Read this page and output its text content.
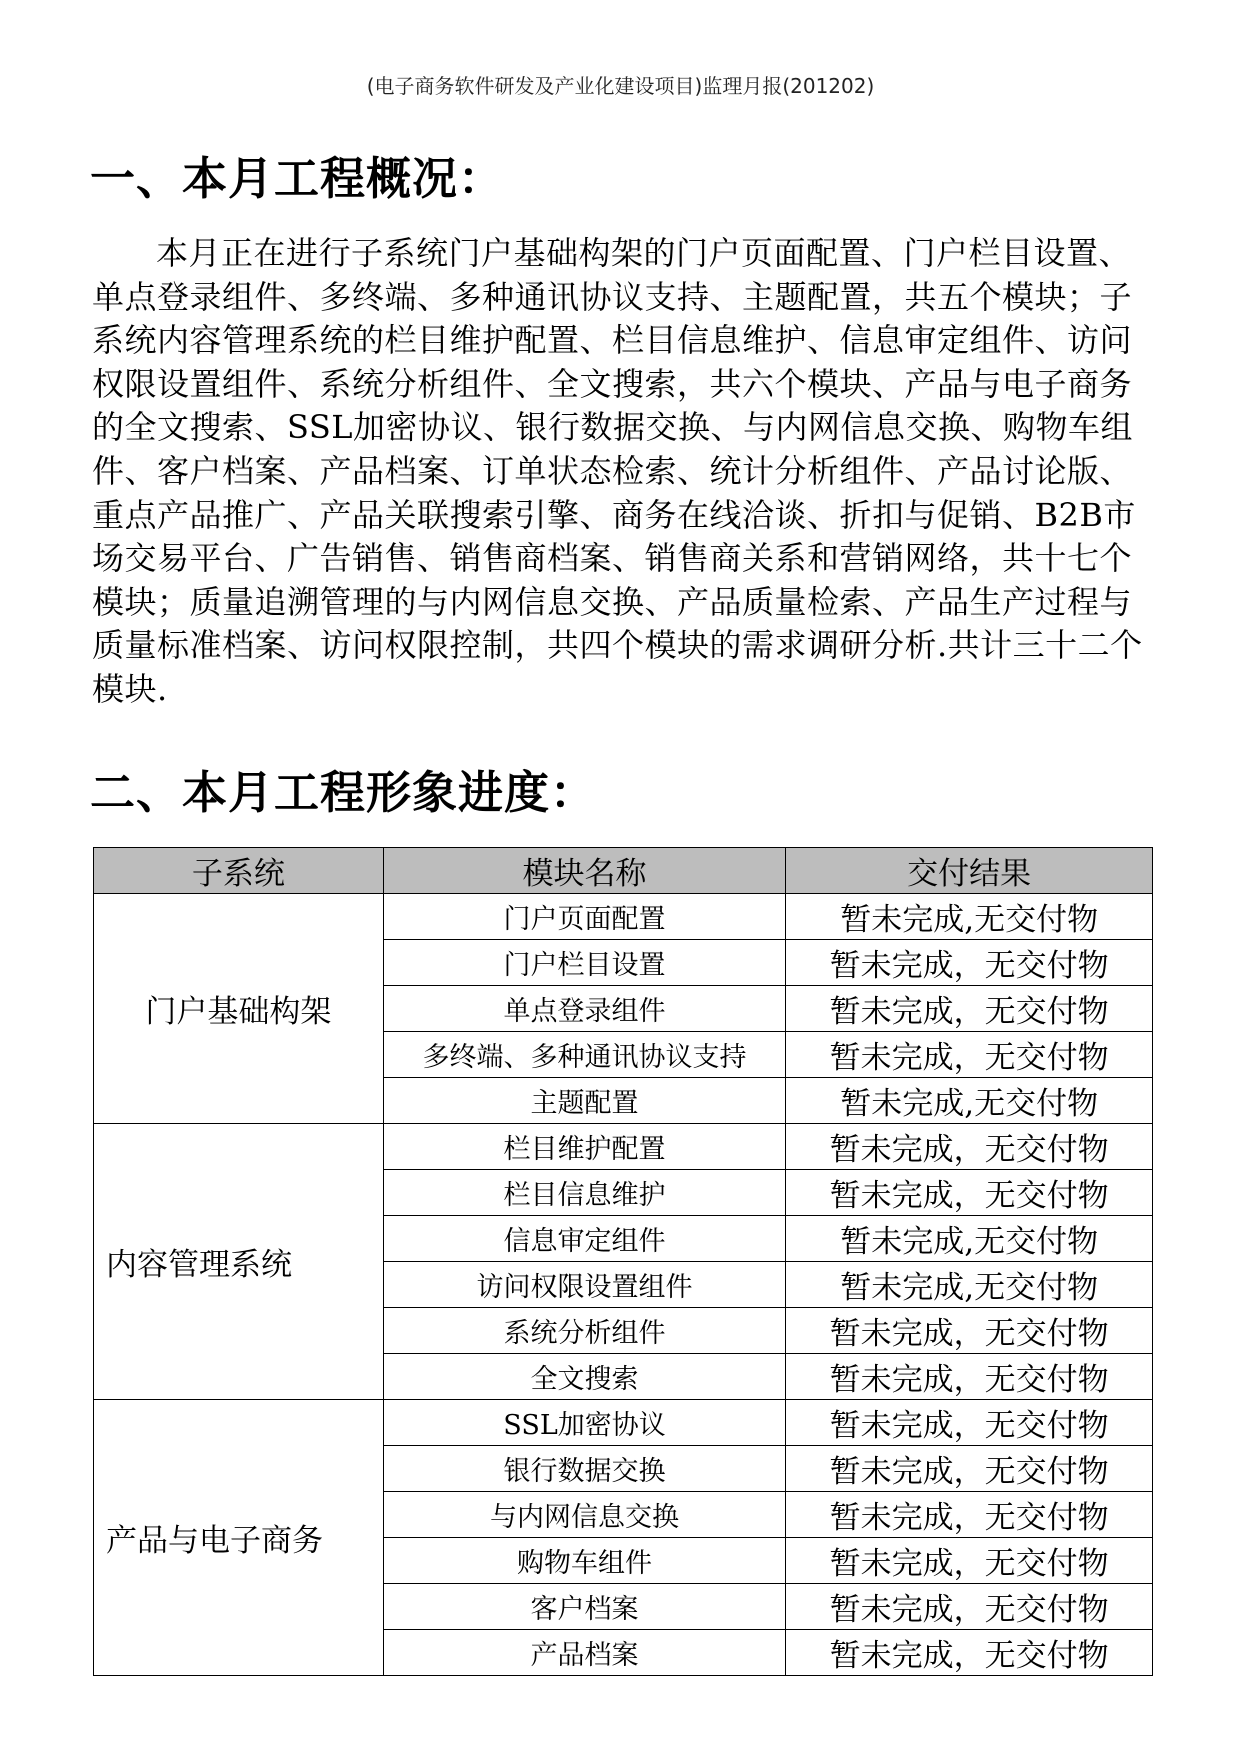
(电子商务软件研发及产业化建设项目)监理月报(201202)
一、本月工程概况：
本月正在进行子系统门户基础构架的门户页面配置、门户栏目设置、单点登录组件、多终端、多种通讯协议支持、主题配置，共五个模块；子系统内容管理系统的栏目维护配置、栏目信息维护、信息审定组件、访问权限设置组件、系统分析组件、全文搜索，共六个模块、产品与电子商务的全文搜索、SSL加密协议、银行数据交换、与内网信息交换、购物车组件、客户档案、产品档案、订单状态检索、统计分析组件、产品讨论版、重点产品推广、产品关联搜索引擎、商务在线洽谈、折扣与促销、B2B市场交易平台、广告销售、销售商档案、销售商关系和营销网络，共十七个模块；质量追溯管理的与内网信息交换、产品质量检索、产品生产过程与质量标准档案、访问权限控制，共四个模块的需求调研分析.共计三十二个模块.
二、本月工程形象进度：
子系统	模块名称	交付结果
门户基础构架	门户页面配置	暂未完成,无交付物
	门户栏目设置	暂未完成，无交付物
	单点登录组件	暂未完成，无交付物
	多终端、多种通讯协议支持	暂未完成，无交付物
	主题配置	暂未完成,无交付物
内容管理系统	栏目维护配置	暂未完成，无交付物
	栏目信息维护	暂未完成，无交付物
	信息审定组件	暂未完成,无交付物
	访问权限设置组件	暂未完成,无交付物
	系统分析组件	暂未完成，无交付物
	全文搜索	暂未完成，无交付物
产品与电子商务	SSL加密协议	暂未完成，无交付物
	银行数据交换	暂未完成，无交付物
	与内网信息交换	暂未完成，无交付物
	购物车组件	暂未完成，无交付物
	客户档案	暂未完成，无交付物
	产品档案	暂未完成，无交付物
